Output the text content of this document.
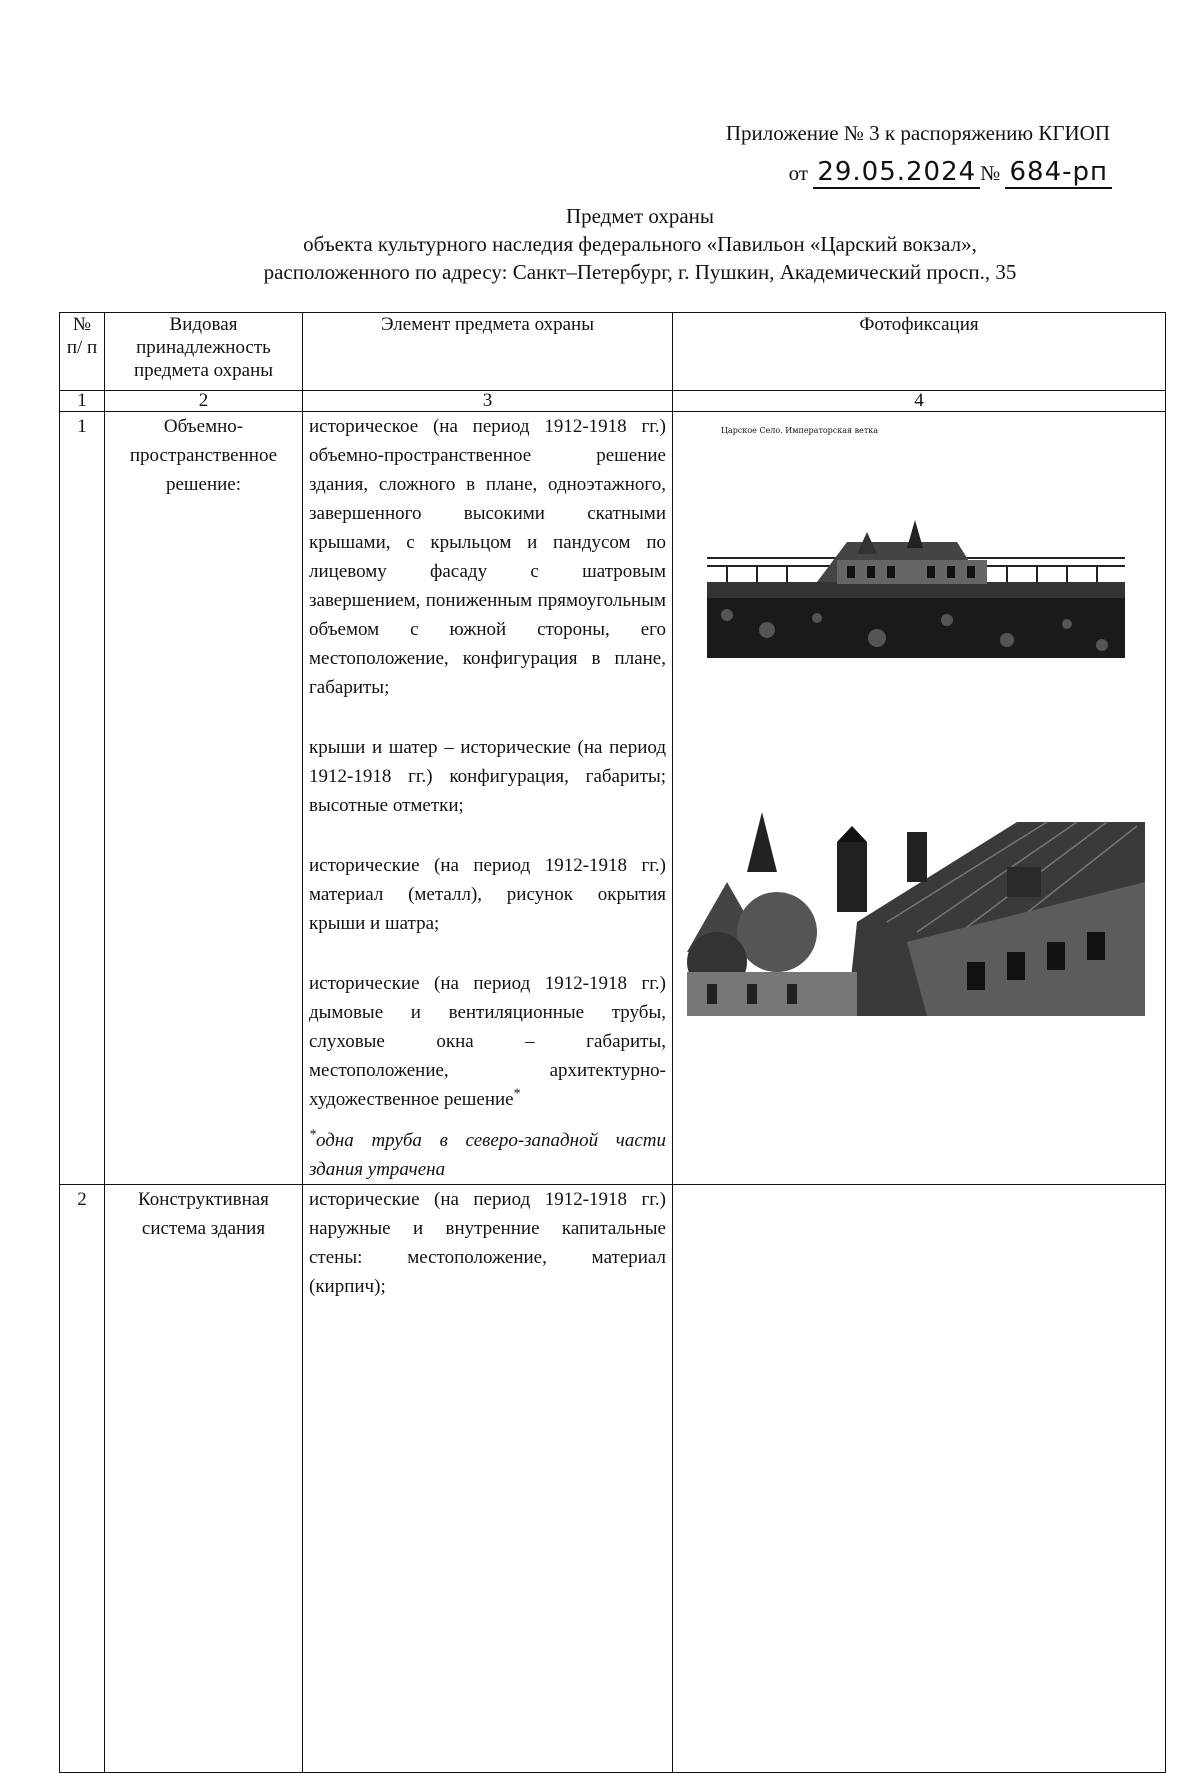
Приложение № 3 к распоряжению КГИОП
от 29.05.2024 № 684-рп
Предмет охраны
объекта культурного наследия федерального «Павильон «Царский вокзал»,
расположенного по адресу: Санкт–Петербург, г. Пушкин, Академический просп., 35
№ п/ п	Видовая принадлежность предмета охраны	Элемент предмета охраны	Фотофиксация
1	2	3	4
1	Объемно-пространственное решение:	историческое (на период 1912-1918 гг.) объемно-пространственное решение здания, сложного в плане, одноэтажного, завершенного высокими скатными крышами, с крыльцом и пандусом по лицевому фасаду с шатровым завершением, пониженным прямоугольным объемом с южной стороны, его местоположение, конфигурация в плане, габариты;

крыши и шатер – исторические (на период 1912-1918 гг.) конфигурация, габариты; высотные отметки;

исторические (на период 1912-1918 гг.) материал (металл), рисунок окрытия крыши и шатра;

исторические (на период 1912-1918 гг.) дымовые и вентиляционные трубы, слуховые окна – габариты, местоположение, архитектурно-художественное решение*

*одна труба в северо-западной части здания утрачена	Царское Село. Императорская ветка

2	Конструктивная система здания	исторические (на период 1912-1918 гг.) наружные и внутренние капитальные стены: местоположение, материал (кирпич);	
